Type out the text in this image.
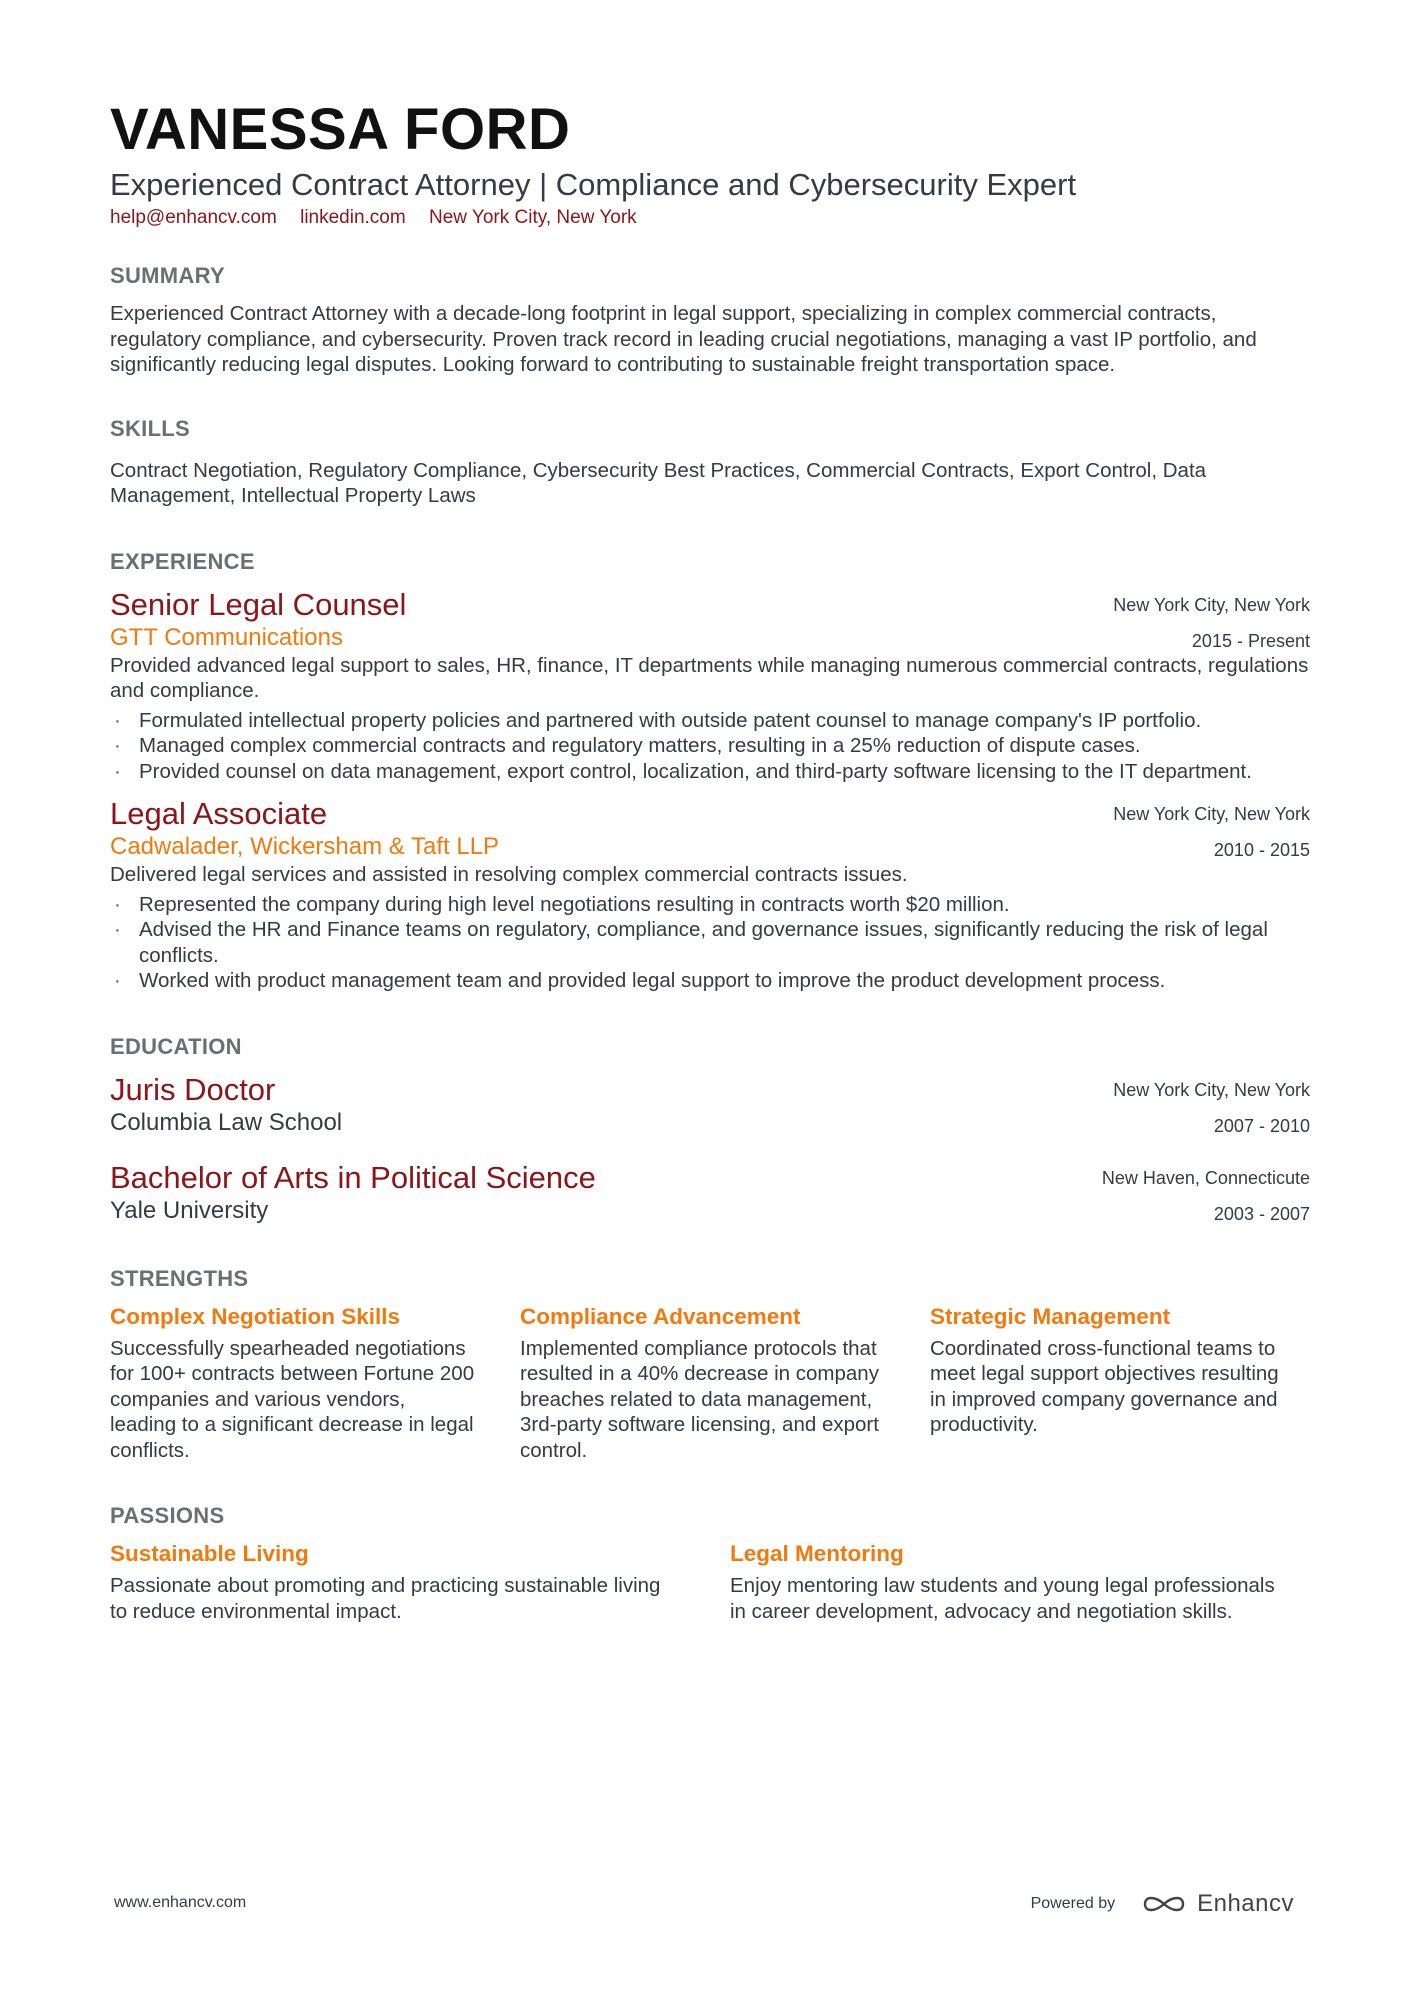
VANESSA FORD
Experienced Contract Attorney | Compliance and Cybersecurity Expert
help@enhancv.com linkedin.com New York City, New York
SUMMARY
Experienced Contract Attorney with a decade-long footprint in legal support, specializing in complex commercial contracts, regulatory compliance, and cybersecurity. Proven track record in leading crucial negotiations, managing a vast IP portfolio, and significantly reducing legal disputes. Looking forward to contributing to sustainable freight transportation space.
SKILLS
Contract Negotiation, Regulatory Compliance, Cybersecurity Best Practices, Commercial Contracts, Export Control, Data Management, Intellectual Property Laws
EXPERIENCE
Senior Legal Counsel
GTT Communications
New York City, New York
2015 - Present
Provided advanced legal support to sales, HR, finance, IT departments while managing numerous commercial contracts, regulations and compliance.
· Formulated intellectual property policies and partnered with outside patent counsel to manage company's IP portfolio.
· Managed complex commercial contracts and regulatory matters, resulting in a 25% reduction of dispute cases.
· Provided counsel on data management, export control, localization, and third-party software licensing to the IT department.
Legal Associate
Cadwalader, Wickersham & Taft LLP
New York City, New York
2010 - 2015
Delivered legal services and assisted in resolving complex commercial contracts issues.
· Represented the company during high level negotiations resulting in contracts worth $20 million.
· Advised the HR and Finance teams on regulatory, compliance, and governance issues, significantly reducing the risk of legal conflicts.
· Worked with product management team and provided legal support to improve the product development process.
EDUCATION
Juris Doctor
Columbia Law School
New York City, New York
2007 - 2010
Bachelor of Arts in Political Science
Yale University
New Haven, Connecticute
2003 - 2007
STRENGTHS
Complex Negotiation Skills
Successfully spearheaded negotiations for 100+ contracts between Fortune 200 companies and various vendors, leading to a significant decrease in legal conflicts.
Compliance Advancement
Implemented compliance protocols that resulted in a 40% decrease in company breaches related to data management, 3rd-party software licensing, and export control.
Strategic Management
Coordinated cross-functional teams to meet legal support objectives resulting in improved company governance and productivity.
PASSIONS
Sustainable Living
Passionate about promoting and practicing sustainable living to reduce environmental impact.
Legal Mentoring
Enjoy mentoring law students and young legal professionals in career development, advocacy and negotiation skills.
www.enhancv.com	Powered by	Enhancv
